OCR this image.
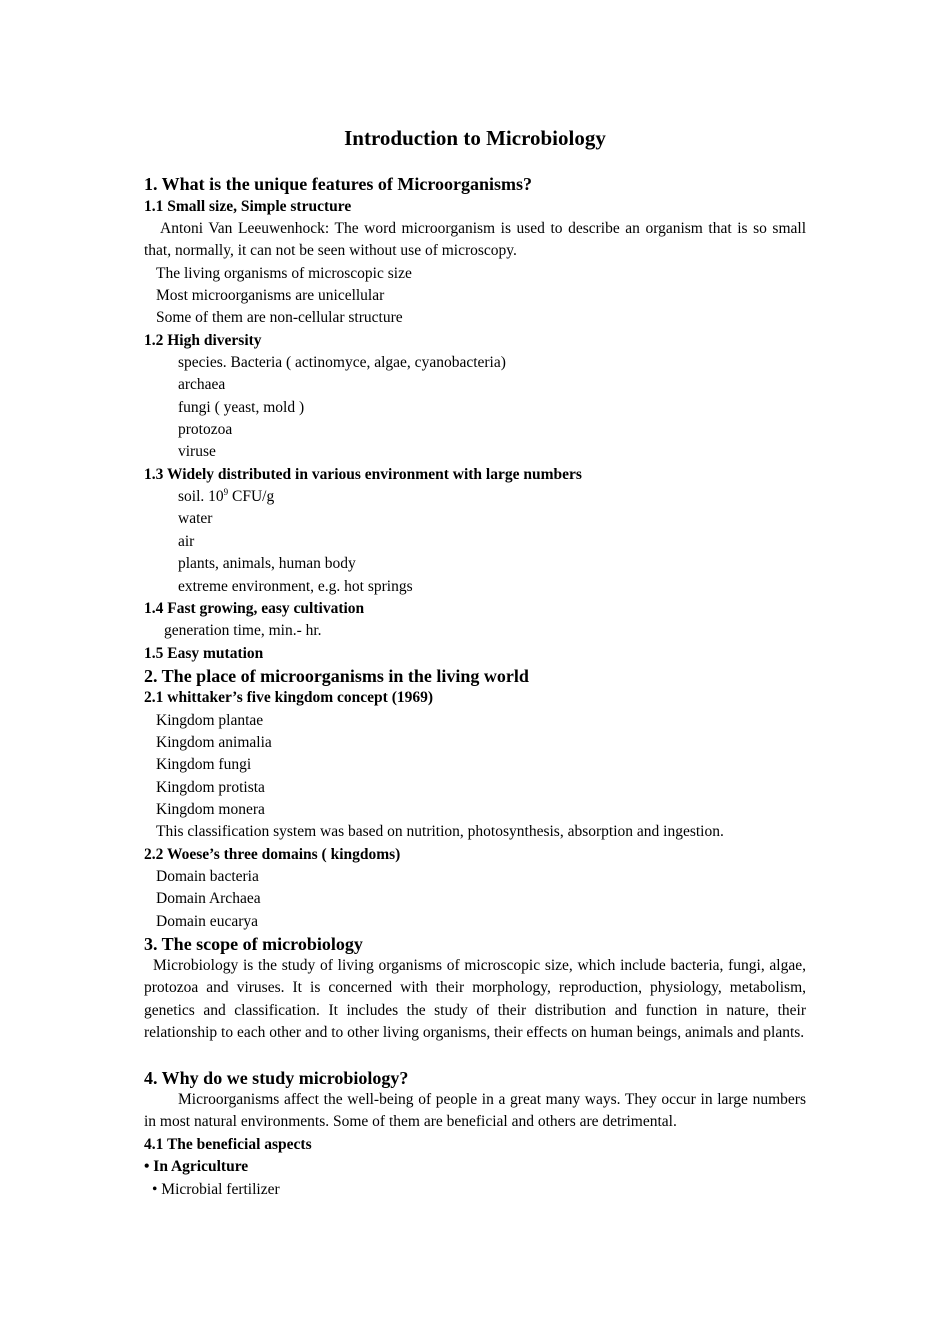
Introduction to Microbiology
1. What is the unique features of Microorganisms?
1.1 Small size, Simple structure
Antoni Van Leeuwenhock: The word microorganism is used to describe an organism that is so small that, normally, it can not be seen without use of microscopy.
The living organisms of microscopic size
Most microorganisms are unicellular
Some of them are non-cellular structure
1.2 High diversity
species. Bacteria ( actinomyce, algae, cyanobacteria)
archaea
fungi ( yeast, mold )
protozoa
viruse
1.3 Widely distributed in various environment with large numbers
soil. $10^9$ CFU/g
water
air
plants, animals, human body
extreme environment, e.g. hot springs
1.4 Fast growing, easy cultivation
generation time, min.- hr.
1.5 Easy mutation
2. The place of microorganisms in the living world
2.1 whittaker’s five kingdom concept (1969)
Kingdom plantae
Kingdom animalia
Kingdom fungi
Kingdom protista
Kingdom monera
This classification system was based on nutrition, photosynthesis, absorption and ingestion.
2.2 Woese’s three domains ( kingdoms)
Domain bacteria
Domain Archaea
Domain eucarya
3. The scope of microbiology
Microbiology is the study of living organisms of microscopic size, which include bacteria, fungi, algae, protozoa and viruses. It is concerned with their morphology, reproduction, physiology, metabolism, genetics and classification. It includes the study of their distribution and function in nature, their relationship to each other and to other living organisms, their effects on human beings, animals and plants.
4. Why do we study microbiology?
Microorganisms affect the well-being of people in a great many ways. They occur in large numbers in most natural environments. Some of them are beneficial and others are detrimental.
4.1 The beneficial aspects
• In Agriculture
• Microbial fertilizer
